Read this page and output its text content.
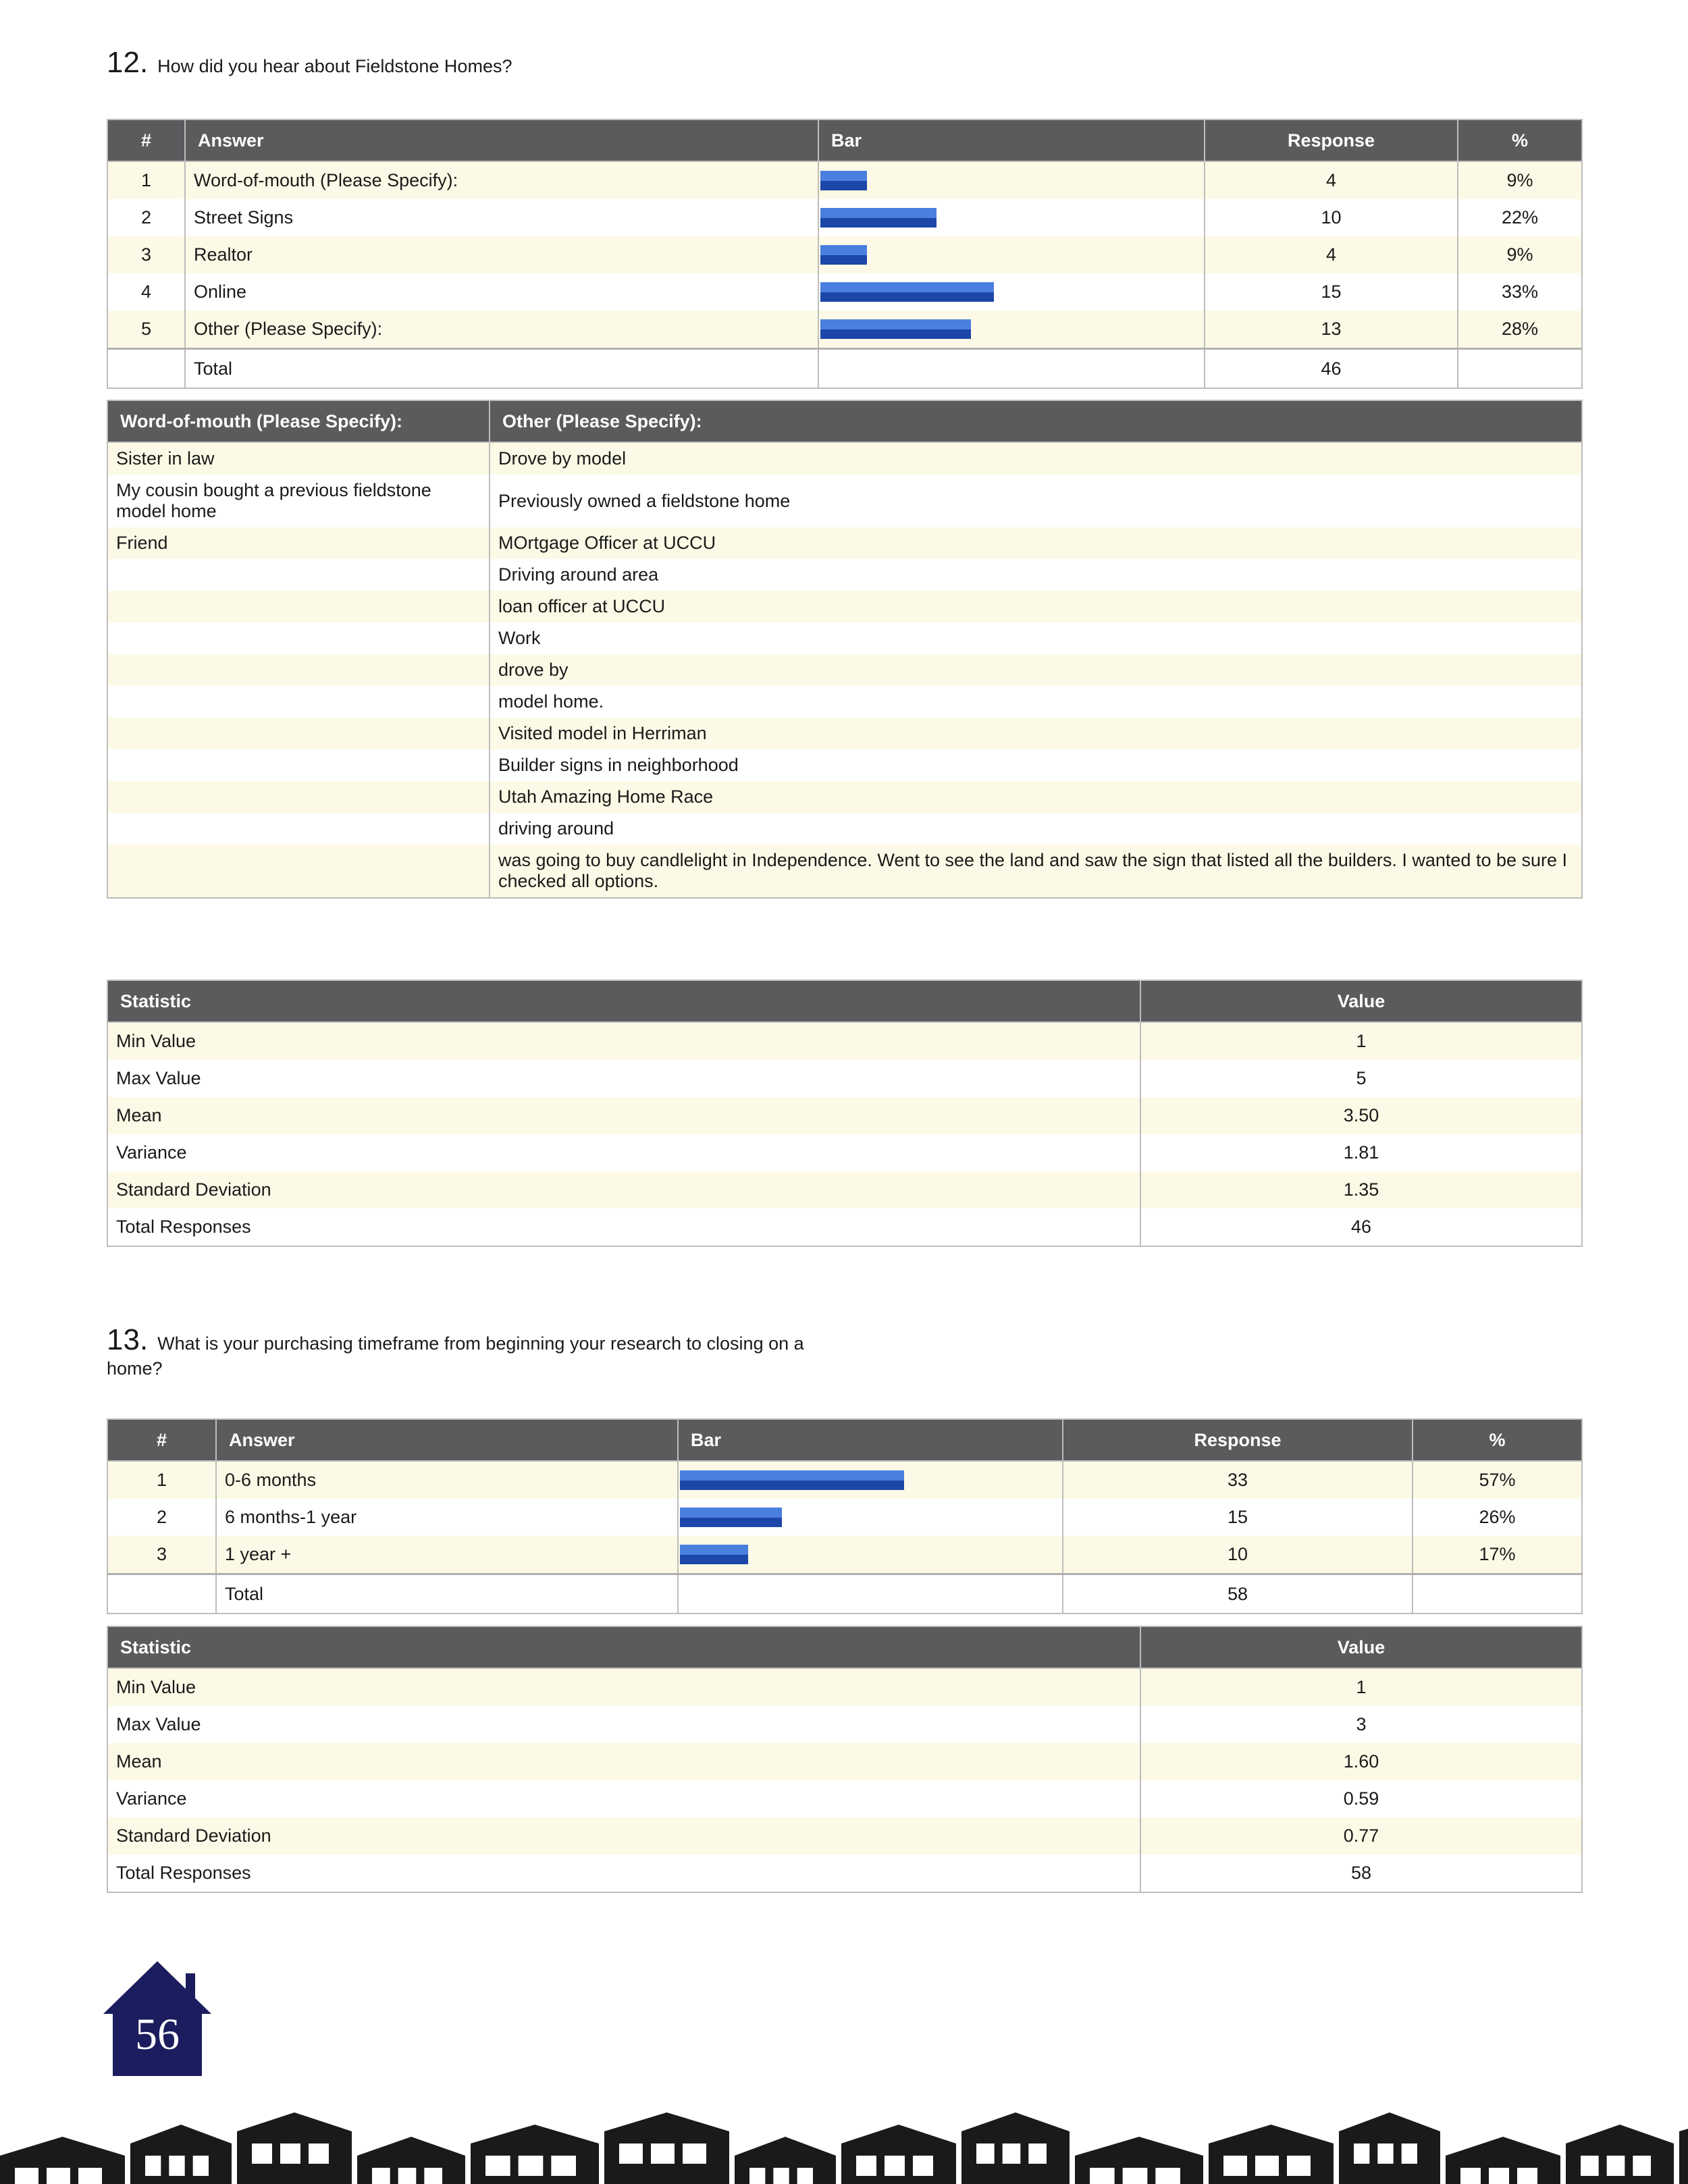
12. How did you hear about Fieldstone Homes?
#	Answer	Bar	Response	%
1	Word-of-mouth (Please Specify):		4	9%
2	Street Signs		10	22%
3	Realtor		4	9%
4	Online		15	33%
5	Other (Please Specify):		13	28%
	Total		46	
Word-of-mouth (Please Specify):	Other (Please Specify):
Sister in law	Drove by model
My cousin bought a previous fieldstone model home	Previously owned a fieldstone home
Friend	MOrtgage Officer at UCCU
	Driving around area
	loan officer at UCCU
	Work
	drove by
	model home.
	Visited model in Herriman
	Builder signs in neighborhood
	Utah Amazing Home Race
	driving around
	was going to buy candlelight in Independence. Went to see the land and saw the sign that listed all the builders. I wanted to be sure I checked all options.
Statistic	Value
Min Value	1
Max Value	5
Mean	3.50
Variance	1.81
Standard Deviation	1.35
Total Responses	46
13. What is your purchasing timeframe from beginning your research to closing on a home?
#	Answer	Bar	Response	%
1	0-6 months		33	57%
2	6 months-1 year		15	26%
3	1 year +		10	17%
	Total		58	
Statistic	Value
Min Value	1
Max Value	3
Mean	1.60
Variance	0.59
Standard Deviation	0.77
Total Responses	58
56
